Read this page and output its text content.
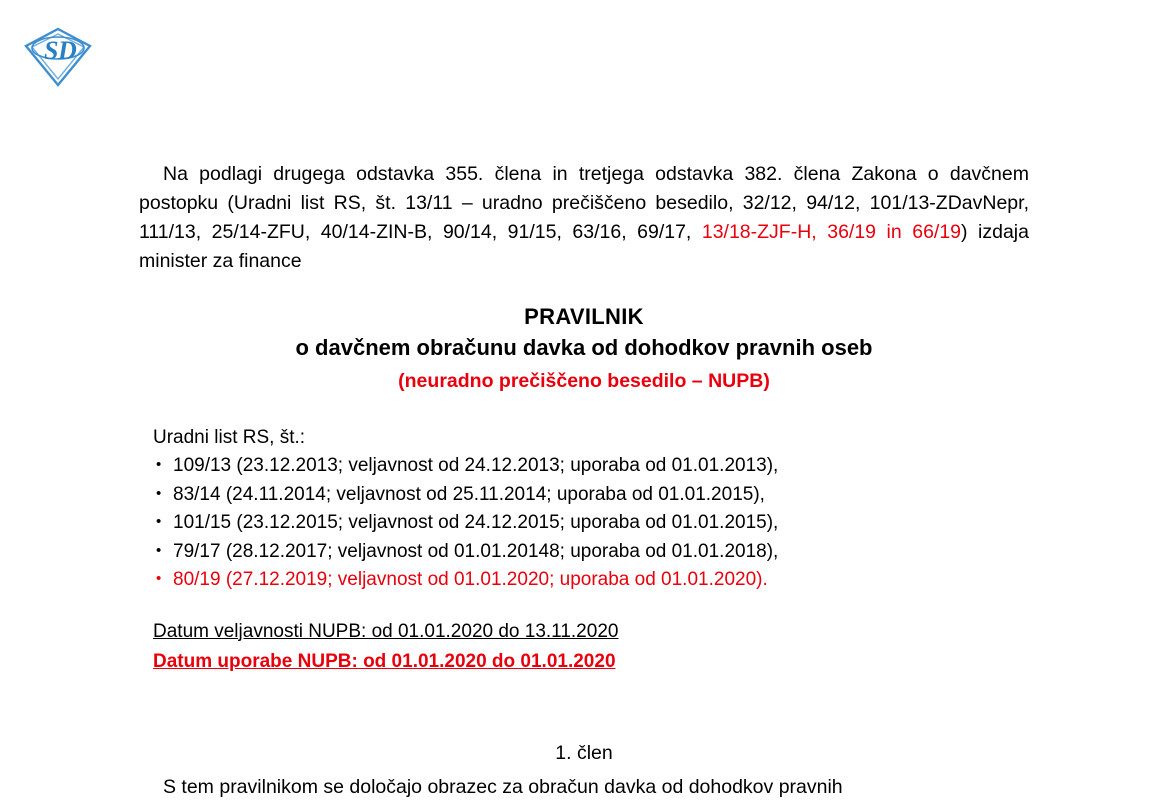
S D

Na podlagi drugega odstavka 355. člena in tretjega odstavka 382. člena Zakona o davčnem postopku (Uradni list RS, št. 13/11 – uradno prečiščeno besedilo, 32/12, 94/12, 101/13-ZDavNepr, 111/13, 25/14-ZFU, 40/14-ZIN-B, 90/14, 91/15, 63/16, 69/17, 13/18-ZJF-H, 36/19 in 66/19) izdaja minister za finance

PRAVILNIK
o davčnem obračunu davka od dohodkov pravnih oseb
(neuradno prečiščeno besedilo – NUPB)
Uradni list RS, št.:
• 109/13 (23.12.2013; veljavnost od 24.12.2013; uporaba od 01.01.2013),
• 83/14 (24.11.2014; veljavnost od 25.11.2014; uporaba od 01.01.2015),
• 101/15 (23.12.2015; veljavnost od 24.12.2015; uporaba od 01.01.2015),
• 79/17 (28.12.2017; veljavnost od 01.01.20148; uporaba od 01.01.2018),
• 80/19 (27.12.2019; veljavnost od 01.01.2020; uporaba od 01.01.2020).
Datum veljavnosti NUPB: od 01.01.2020 do 13.11.2020
Datum uporabe NUPB: od 01.01.2020 do 01.01.2020
1. člen
S tem pravilnikom se določajo obrazec za obračun davka od dohodkov pravnih
